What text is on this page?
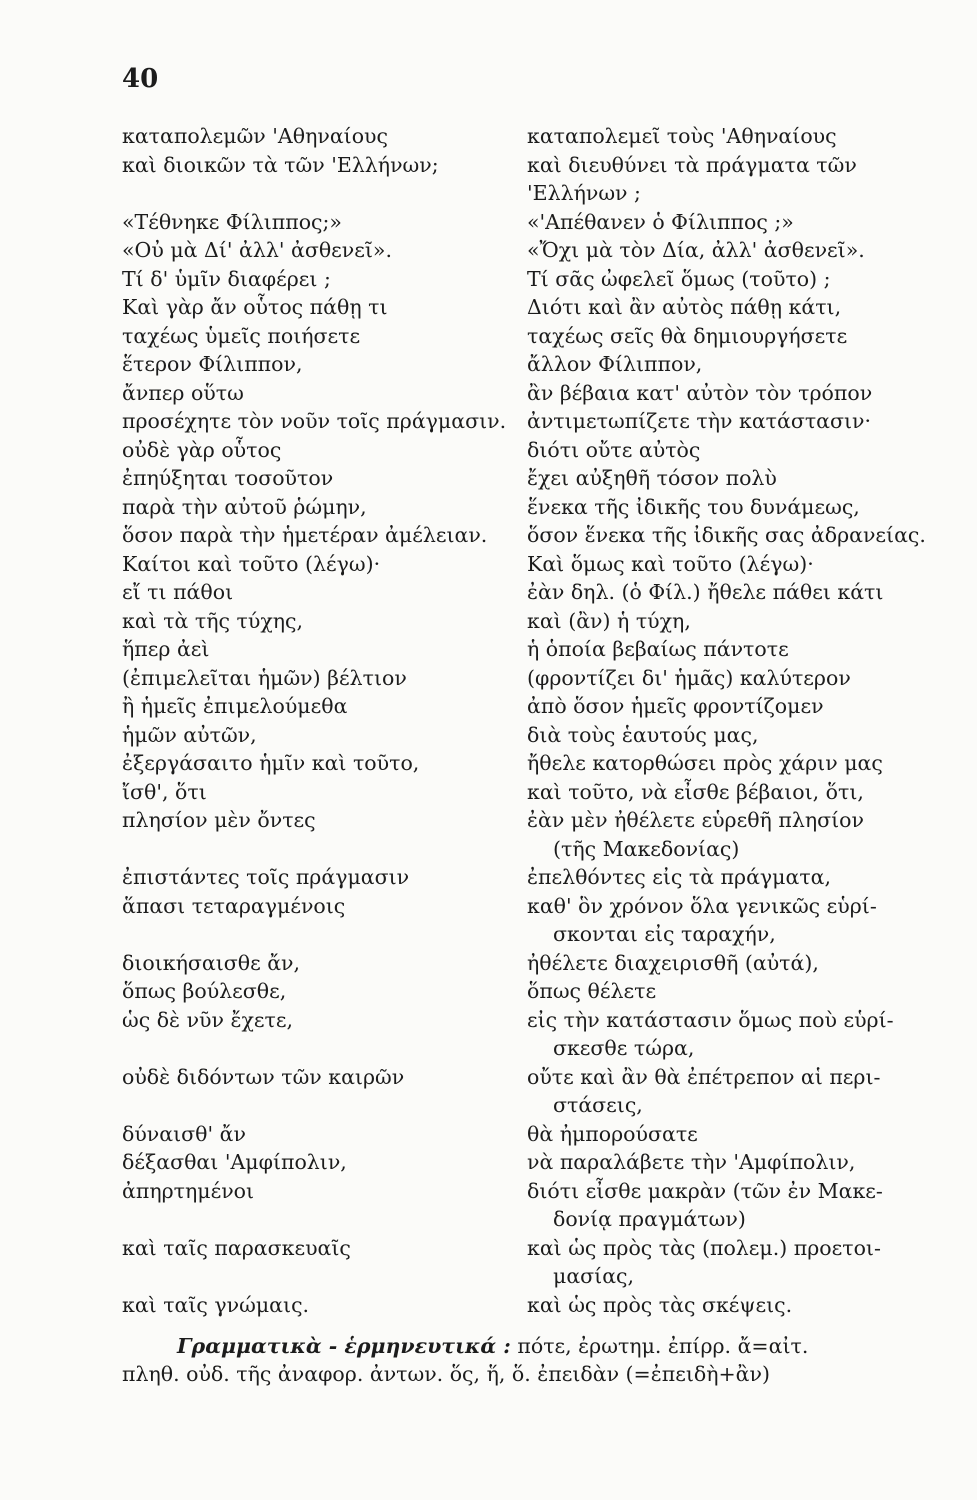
40
καταπολεμῶν 'Αθηναίους
καὶ διοικῶν τὰ τῶν 'Ελλήνων;
«Τέθνηκε Φίλιππος;»
«Οὐ μὰ Δί' ἀλλ' ἀσθενεῖ».
Τί δ' ὑμῖν διαφέρει ;
Καὶ γὰρ ἄν οὗτος πάθῃ τι
ταχέως ὑμεῖς ποιήσετε
ἕτερον Φίλιππον,
ἄνπερ οὕτω
προσέχητε τὸν νοῦν τοῖς πράγμασιν.
οὐδὲ γὰρ οὗτος
ἐπηύξηται τοσοῦτον
παρὰ τὴν αὐτοῦ ῥώμην,
ὅσον παρὰ τὴν ἡμετέραν ἀμέλειαν.
Καίτοι καὶ τοῦτο (λέγω)·
εἴ τι πάθοι
καὶ τὰ τῆς τύχης,
ἥπερ ἀεὶ
(ἐπιμελεῖται ἡμῶν) βέλτιον
ἢ ἡμεῖς ἐπιμελούμεθα
ἡμῶν αὐτῶν,
ἐξεργάσαιτο ἡμῖν καὶ τοῦτο,
ἴσθ', ὅτι
πλησίον μὲν ὄντες
ἐπιστάντες τοῖς πράγμασιν
ἅπασι τεταραγμένοις
διοικήσαισθε ἄν,
ὅπως βούλεσθε,
ὡς δὲ νῦν ἔχετε,
οὐδὲ διδόντων τῶν καιρῶν
δύναισθ' ἄν
δέξασθαι 'Αμφίπολιν,
ἀπηρτημένοι
καὶ ταῖς παρασκευαῖς
καὶ ταῖς γνώμαις.
καταπολεμεῖ τοὺς 'Αθηναίους
καὶ διευθύνει τὰ πράγματα τῶν
'Ελλήνων ;
«'Απέθανεν ὁ Φίλιππος ;»
«Ὄχι μὰ τὸν Δία, ἀλλ' ἀσθενεῖ».
Τί σᾶς ὠφελεῖ ὅμως (τοῦτο) ;
Διότι καὶ ἂν αὐτὸς πάθῃ κάτι,
ταχέως σεῖς θὰ δημιουργήσετε
ἄλλον Φίλιππον,
ἂν βέβαια κατ' αὐτὸν τὸν τρόπον
ἀντιμετωπίζετε τὴν κατάστασιν·
διότι οὔτε αὐτὸς
ἔχει αὐξηθῆ τόσον πολὺ
ἕνεκα τῆς ἰδικῆς του δυνάμεως,
ὅσον ἕνεκα τῆς ἰδικῆς σας ἀδρανείας.
Καὶ ὅμως καὶ τοῦτο (λέγω)·
ἐὰν δηλ. (ὁ Φίλ.) ἤθελε πάθει κάτι
καὶ (ἂν) ἡ τύχη,
ἡ ὁποία βεβαίως πάντοτε
(φροντίζει δι' ἡμᾶς) καλύτερον
ἀπὸ ὅσον ἡμεῖς φροντίζομεν
διὰ τοὺς ἑαυτούς μας,
ἤθελε κατορθώσει πρὸς χάριν μας
καὶ τοῦτο, νὰ εἶσθε βέβαιοι, ὅτι,
ἐὰν μὲν ἠθέλετε εὑρεθῆ πλησίον
(τῆς Μακεδονίας)
ἐπελθόντες εἰς τὰ πράγματα,
καθ' ὃν χρόνον ὅλα γενικῶς εὑρί-
σκονται εἰς ταραχήν,
ἠθέλετε διαχειρισθῆ (αὐτά),
ὅπως θέλετε
εἰς τὴν κατάστασιν ὅμως ποὺ εὑρί-
σκεσθε τώρα,
οὔτε καὶ ἂν θὰ ἐπέτρεπον αἱ περι-
στάσεις,
θὰ ἠμπορούσατε
νὰ παραλάβετε τὴν 'Αμφίπολιν,
διότι εἶσθε μακρὰν (τῶν ἐν Μακε-
δονίᾳ πραγμάτων)
καὶ ὡς πρὸς τὰς (πολεμ.) προετοι-
μασίας,
καὶ ὡς πρὸς τὰς σκέψεις.
Γραμματικὰ - ἑρμηνευτικά : πότε, ἐρωτημ. ἐπίρρ. ἄ=αἰτ.
πληθ. οὐδ. τῆς ἀναφορ. ἀντων. ὅς, ἥ, ὅ. ἐπειδὰν (=ἐπειδὴ+ἂν)
